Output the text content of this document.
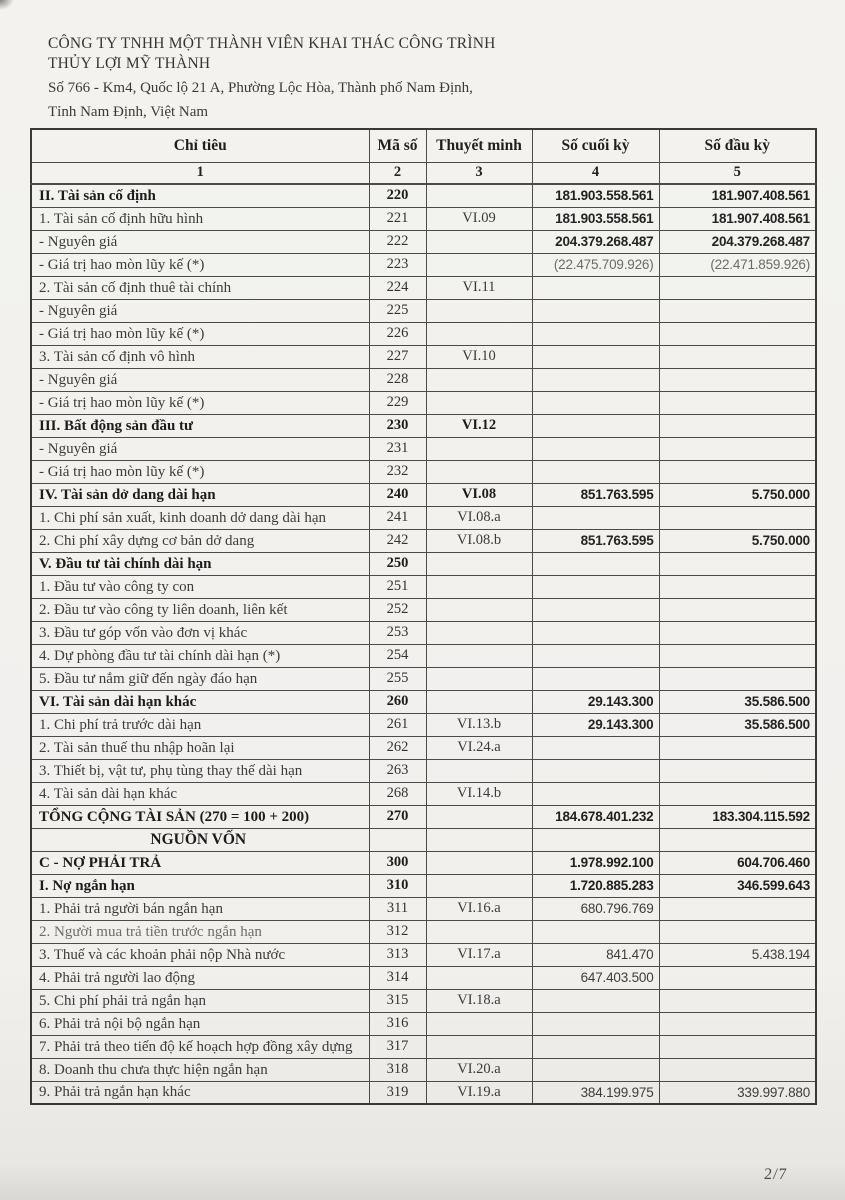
CÔNG TY TNHH MỘT THÀNH VIÊN KHAI THÁC CÔNG TRÌNH
THỦY LỢI MỸ THÀNH
Số 766 - Km4, Quốc lộ 21 A, Phường Lộc Hòa, Thành phố Nam Định,
Tỉnh Nam Định, Việt Nam
Chỉ tiêu	Mã số	Thuyết minh	Số cuối kỳ	Số đầu kỳ
1	2	3	4	5
II. Tài sản cố định	220		181.903.558.561	181.907.408.561
1. Tài sản cố định hữu hình	221	VI.09	181.903.558.561	181.907.408.561
- Nguyên giá	222		204.379.268.487	204.379.268.487
- Giá trị hao mòn lũy kế (*)	223		(22.475.709.926)	(22.471.859.926)
2. Tài sản cố định thuê tài chính	224	VI.11		
- Nguyên giá	225			
- Giá trị hao mòn lũy kế (*)	226			
3. Tài sản cố định vô hình	227	VI.10		
- Nguyên giá	228			
- Giá trị hao mòn lũy kế (*)	229			
III. Bất động sản đầu tư	230	VI.12		
- Nguyên giá	231			
- Giá trị hao mòn lũy kế (*)	232			
IV. Tài sản dở dang dài hạn	240	VI.08	851.763.595	5.750.000
1. Chi phí sản xuất, kinh doanh dở dang dài hạn	241	VI.08.a		
2. Chi phí xây dựng cơ bản dở dang	242	VI.08.b	851.763.595	5.750.000
V. Đầu tư tài chính dài hạn	250			
1. Đầu tư vào công ty con	251			
2. Đầu tư vào công ty liên doanh, liên kết	252			
3. Đầu tư góp vốn vào đơn vị khác	253			
4. Dự phòng đầu tư tài chính dài hạn (*)	254			
5. Đầu tư nắm giữ đến ngày đáo hạn	255			
VI. Tài sản dài hạn khác	260		29.143.300	35.586.500
1. Chi phí trả trước dài hạn	261	VI.13.b	29.143.300	35.586.500
2. Tài sản thuế thu nhập hoãn lại	262	VI.24.a		
3. Thiết bị, vật tư, phụ tùng thay thế dài hạn	263			
4. Tài sản dài hạn khác	268	VI.14.b		
TỔNG CỘNG TÀI SẢN (270 = 100 + 200)	270		184.678.401.232	183.304.115.592
NGUỒN VỐN				
C - NỢ PHẢI TRẢ	300		1.978.992.100	604.706.460
I. Nợ ngắn hạn	310		1.720.885.283	346.599.643
1. Phải trả người bán ngắn hạn	311	VI.16.a	680.796.769	
2. Người mua trả tiền trước ngắn hạn	312			
3. Thuế và các khoản phải nộp Nhà nước	313	VI.17.a	841.470	5.438.194
4. Phải trả người lao động	314		647.403.500	
5. Chi phí phải trả ngắn hạn	315	VI.18.a		
6. Phải trả nội bộ ngắn hạn	316			
7. Phải trả theo tiến độ kế hoạch hợp đồng xây dựng	317			
8. Doanh thu chưa thực hiện ngắn hạn	318	VI.20.a		
9. Phải trả ngắn hạn khác	319	VI.19.a	384.199.975	339.997.880
2/7
